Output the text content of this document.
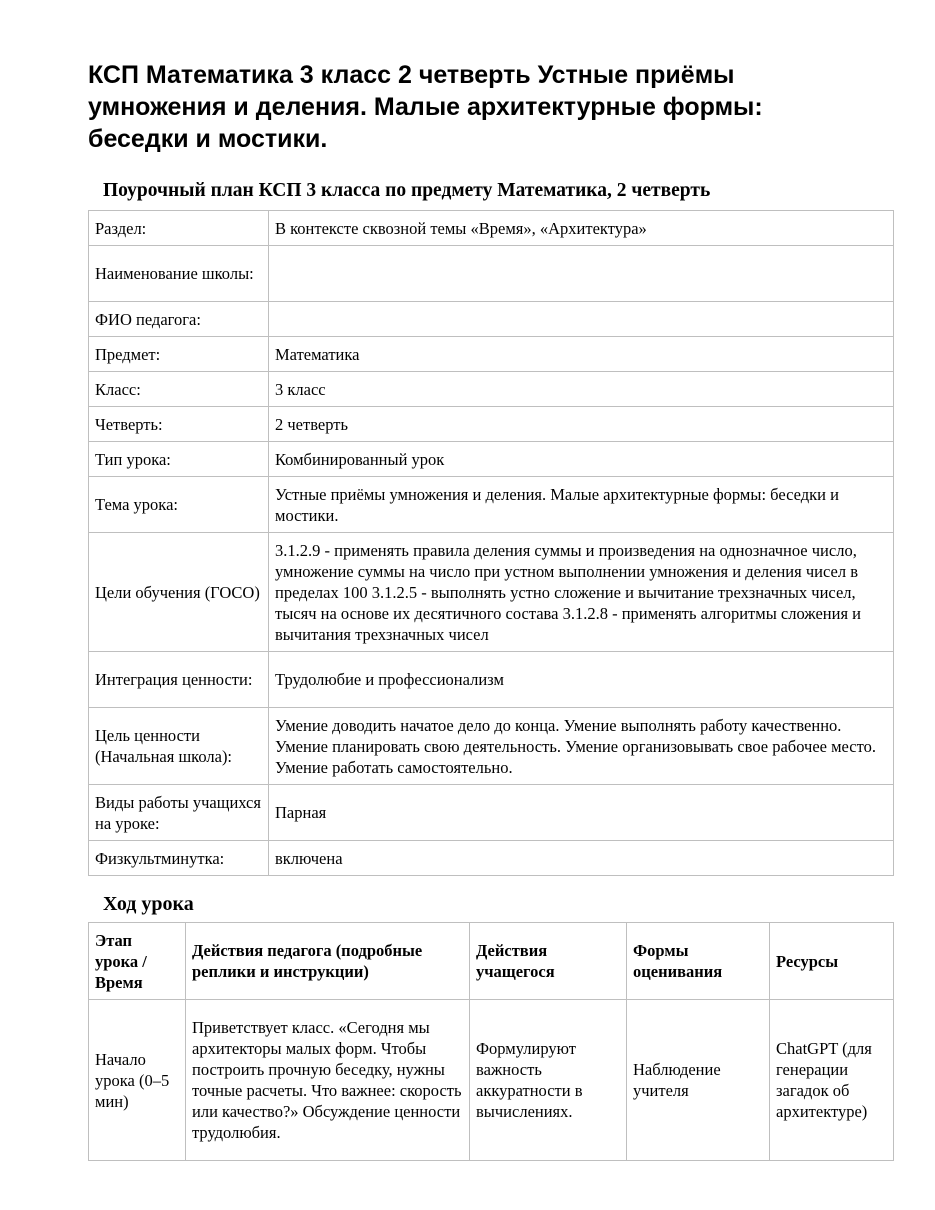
КСП Математика 3 класс 2 четверть Устные приёмы умножения и деления. Малые архитектурные формы: беседки и мостики.
Поурочный план КСП 3 класса по предмету Математика, 2 четверть
Раздел:	В контексте сквозной темы «Время», «Архитектура»
Наименование школы:	
ФИО педагога:	
Предмет:	Математика
Класс:	3 класс
Четверть:	2 четверть
Тип урока:	Комбинированный урок
Тема урока:	Устные приёмы умножения и деления. Малые архитектурные формы: беседки и мостики.
Цели обучения (ГОСО)	3.1.2.9 - применять правила деления суммы и произведения на однозначное число, умножение суммы на число при устном выполнении умножения и деления чисел в пределах 100 3.1.2.5 - выполнять устно сложение и вычитание трехзначных чисел, тысяч на основе их десятичного состава 3.1.2.8 - применять алгоритмы сложения и вычитания трехзначных чисел
Интеграция ценности:	Трудолюбие и профессионализм
Цель ценности (Начальная школа):	Умение доводить начатое дело до конца. Умение выполнять работу качественно. Умение планировать свою деятельность. Умение организовывать свое рабочее место. Умение работать самостоятельно.
Виды работы учащихся на уроке:	Парная
Физкультминутка:	включена
Ход урока
Этап урока / Время	Действия педагога (подробные реплики и инструкции)	Действия учащегося	Формы оценивания	Ресурсы
Начало урока (0–5 мин)	Приветствует класс. «Сегодня мы архитекторы малых форм. Чтобы построить прочную беседку, нужны точные расчеты. Что важнее: скорость или качество?» Обсуждение ценности трудолюбия.	Формулируют важность аккуратности в вычислениях.	Наблюдение учителя	ChatGPT (для генерации загадок об архитектуре)
